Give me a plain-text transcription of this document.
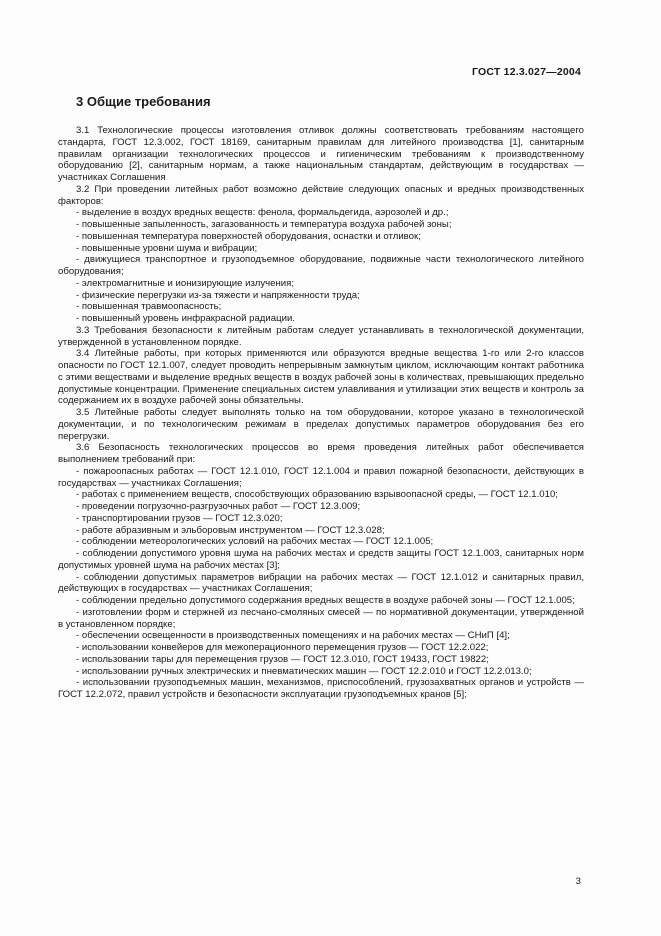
ГОСТ 12.3.027—2004
3 Общие требования

3.1 Технологические процессы изготовления отливок должны соответствовать требованиям настоящего стандарта, ГОСТ 12.3.002, ГОСТ 18169, санитарным правилам для литейного производства [1], санитарным правилам организации технологических процессов и гигиеническим требованиям к производственному оборудованию [2], санитарным нормам, а также национальным стандартам, действующим в государствах — участниках Соглашения

3.2 При проведении литейных работ возможно действие следующих опасных и вредных производственных факторов:

- выделение в воздух вредных веществ: фенола, формальдегида, аэрозолей и др.;

- повышенные запыленность, загазованность и температура воздуха рабочей зоны;

- повышенная температура поверхностей оборудования, оснастки и отливок;

- повышенные уровни шума и вибрации;

- движущиеся транспортное и грузоподъемное оборудование, подвижные части технологического литейного оборудования;

- электромагнитные и ионизирующие излучения;

- физические перегрузки из-за тяжести и напряженности труда;

- повышенная травмоопасность;

- повышенный уровень инфракрасной радиации.

3.3 Требования безопасности к литейным работам следует устанавливать в технологической документации, утвержденной в установленном порядке.

3.4 Литейные работы, при которых применяются или образуются вредные вещества 1-го или 2-го классов опасности по ГОСТ 12.1.007, следует проводить непрерывным замкнутым циклом, исключающим контакт работника с этими веществами и выделение вредных веществ в воздух рабочей зоны в количествах, превышающих предельно допустимые концентрации. Применение специальных систем улавливания и утилизации этих веществ и контроль за содержанием их в воздухе рабочей зоны обязательны.

3.5 Литейные работы следует выполнять только на том оборудовании, которое указано в технологической документации, и по технологическим режимам в пределах допустимых параметров оборудования без его перегрузки.

3.6 Безопасность технологических процессов во время проведения литейных работ обеспечивается выполнением требований при:

- пожароопасных работах — ГОСТ 12.1.010, ГОСТ 12.1.004 и правил пожарной безопасности, действующих в государствах — участниках Соглашения;

- работах с применением веществ, способствующих образованию взрывоопасной среды, — ГОСТ 12.1.010;

- проведении погрузочно-разгрузочных работ — ГОСТ 12.3.009;

- транспортировании грузов — ГОСТ 12.3.020;

- работе абразивным и эльборовым инструментом — ГОСТ 12.3.028;

- соблюдении метеорологических условий на рабочих местах — ГОСТ 12.1.005;

- соблюдении допустимого уровня шума на рабочих местах и средств защиты ГОСТ 12.1.003, санитарных норм допустимых уровней шума на рабочих местах [3];

- соблюдении допустимых параметров вибрации на рабочих местах — ГОСТ 12.1.012 и санитарных правил, действующих в государствах — участниках Соглашения;

- соблюдении предельно допустимого содержания вредных веществ в воздухе рабочей зоны — ГОСТ 12.1.005;

- изготовлении форм и стержней из песчано-смоляных смесей — по нормативной документации, утвержденной в установленном порядке;

- обеспечении освещенности в производственных помещениях и на рабочих местах — СНиП [4];

- использовании конвейеров для межоперационного перемещения грузов — ГОСТ 12.2.022;

- использовании тары для перемещения грузов — ГОСТ 12.3.010, ГОСТ 19433, ГОСТ 19822;

- использовании ручных электрических и пневматических машин — ГОСТ 12.2.010 и ГОСТ 12.2.013.0;

- использовании грузоподъемных машин, механизмов, приспособлений, грузозахватных органов и устройств — ГОСТ 12.2.072, правил устройств и безопасности эксплуатации грузоподъемных кранов [5];

3
